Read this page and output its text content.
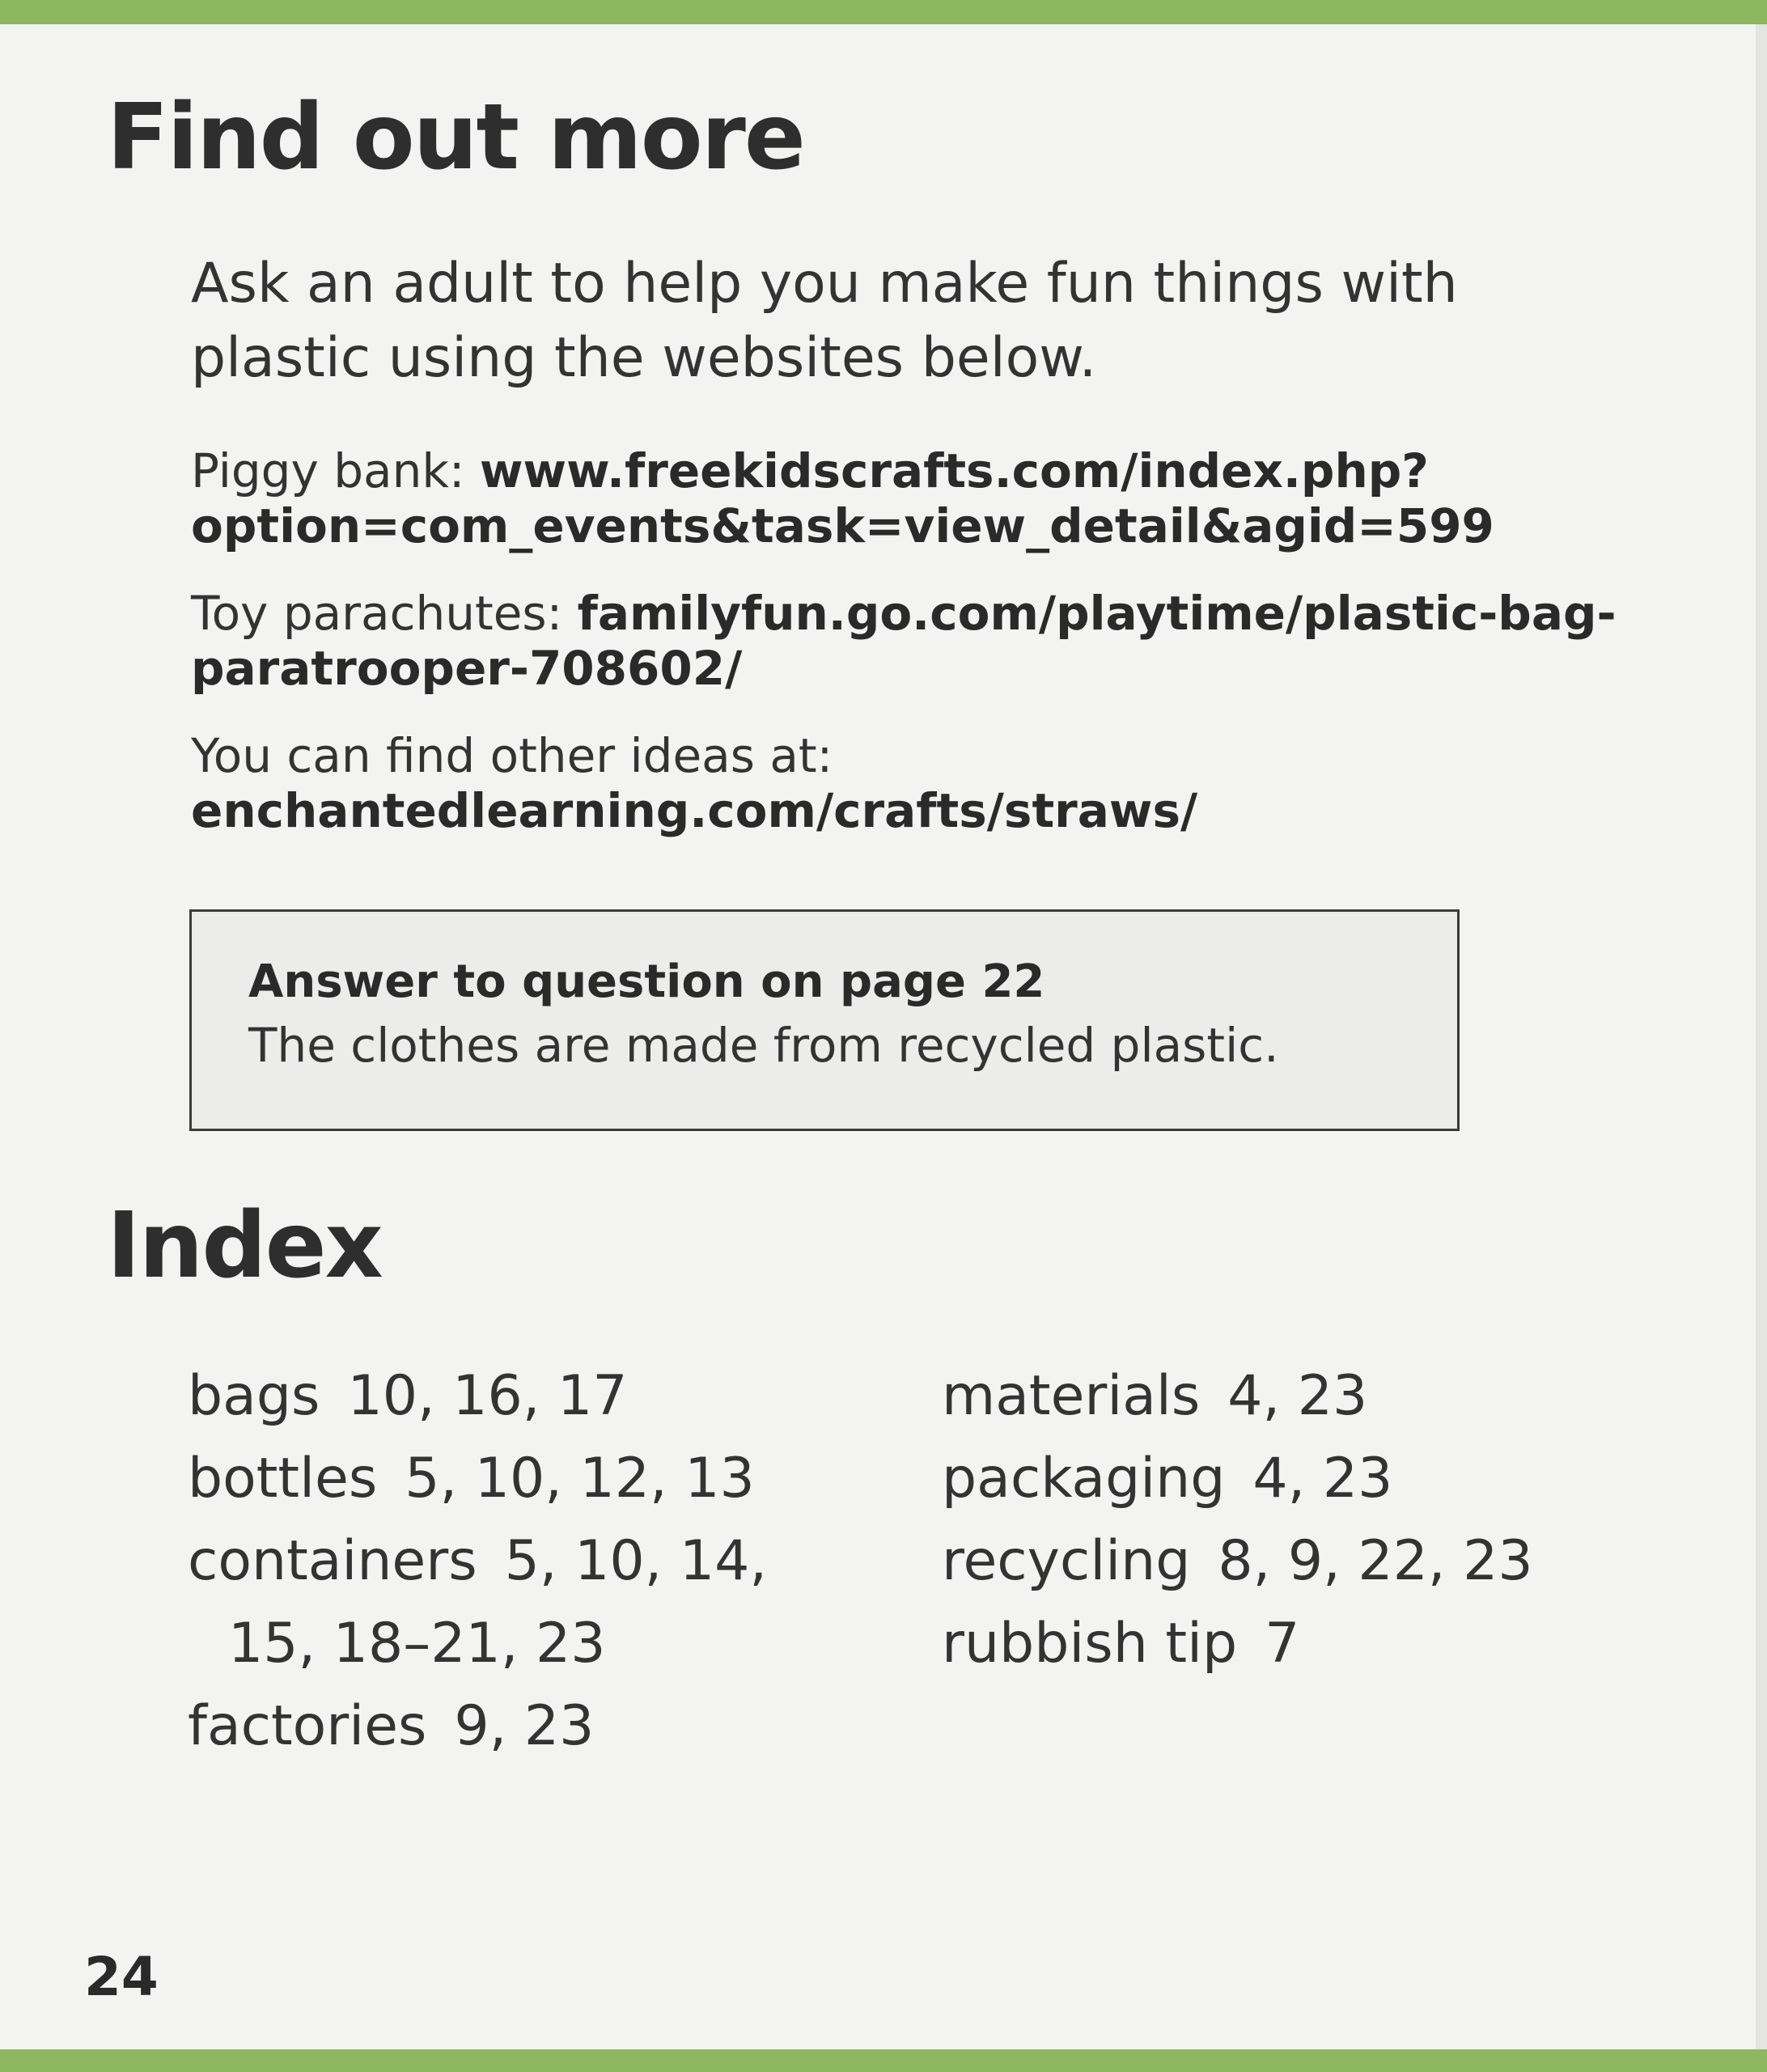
Find out more
Ask an adult to help you make fun things with plastic using the websites below.
Piggy bank: www.freekidscrafts.com/index.php?option=com_events&task=view_detail&agid=599
Toy parachutes: familyfun.go.com/playtime/plastic-bag-paratrooper-708602/
You can find other ideas at: enchantedlearning.com/crafts/straws/
Answer to question on page 22
The clothes are made from recycled plastic.
Index
bags 10, 16, 17
bottles 5, 10, 12, 13
containers 5, 10, 14,
15, 18–21, 23
factories 9, 23
materials 4, 23
packaging 4, 23
recycling 8, 9, 22, 23
rubbish tip 7
24
